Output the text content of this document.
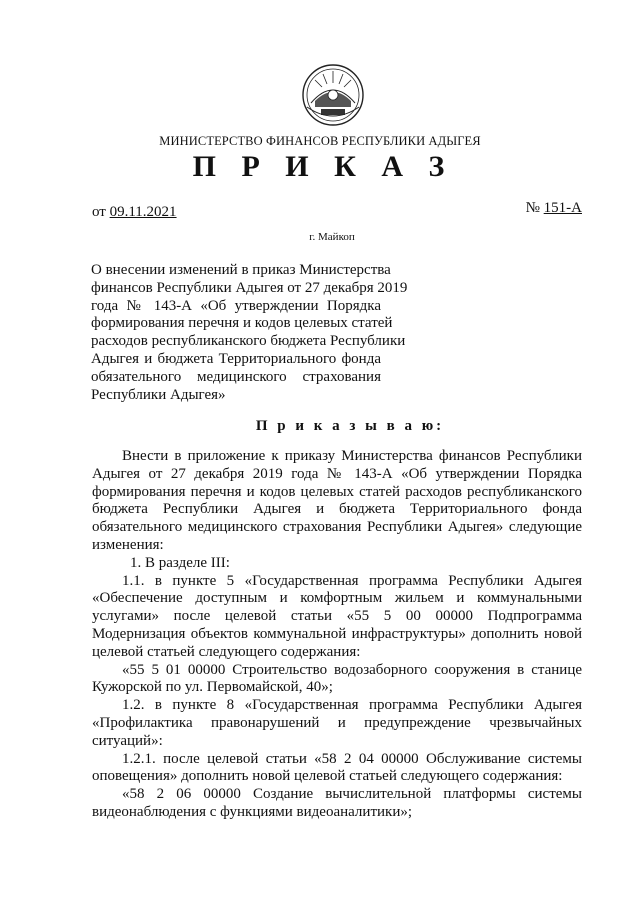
МИНИСТЕРСТВО ФИНАНСОВ РЕСПУБЛИКИ АДЫГЕЯ
П Р И К А З
от 09.11.2021	№ 151-А
г. Майкоп
О внесении изменений в приказ Министерства
финансов Республики Адыгея от 27 декабря 2019
года № 143-А «Об утверждении Порядка
формирования перечня и кодов целевых статей
расходов республиканского бюджета Республики
Адыгея и бюджета Территориального фонда
обязательного медицинского страхования
Республики Адыгея»
П р и к а з ы в а ю:
Внести в приложение к приказу Министерства финансов Республики
Адыгея от 27 декабря 2019 года № 143-А «Об утверждении Порядка
формирования перечня и кодов целевых статей расходов республиканского
бюджета Республики Адыгея и бюджета Территориального фонда
обязательного медицинского страхования Республики Адыгея» следующие
изменения:
1. В разделе III:
1.1. в пункте 5 «Государственная программа Республики Адыгея
«Обеспечение доступным и комфортным жильем и коммунальными
услугами» после целевой статьи «55 5 00 00000 Подпрограмма
Модернизация объектов коммунальной инфраструктуры» дополнить новой
целевой статьей следующего содержания:
«55 5 01 00000 Строительство водозаборного сооружения в станице
Кужорской по ул. Первомайской, 40»;
1.2. в пункте 8 «Государственная программа Республики Адыгея
«Профилактика правонарушений и предупреждение чрезвычайных
ситуаций»:
1.2.1. после целевой статьи «58 2 04 00000 Обслуживание системы
оповещения» дополнить новой целевой статьей следующего содержания:
«58 2 06 00000 Создание вычислительной платформы системы
видеонаблюдения с функциями видеоаналитики»;
